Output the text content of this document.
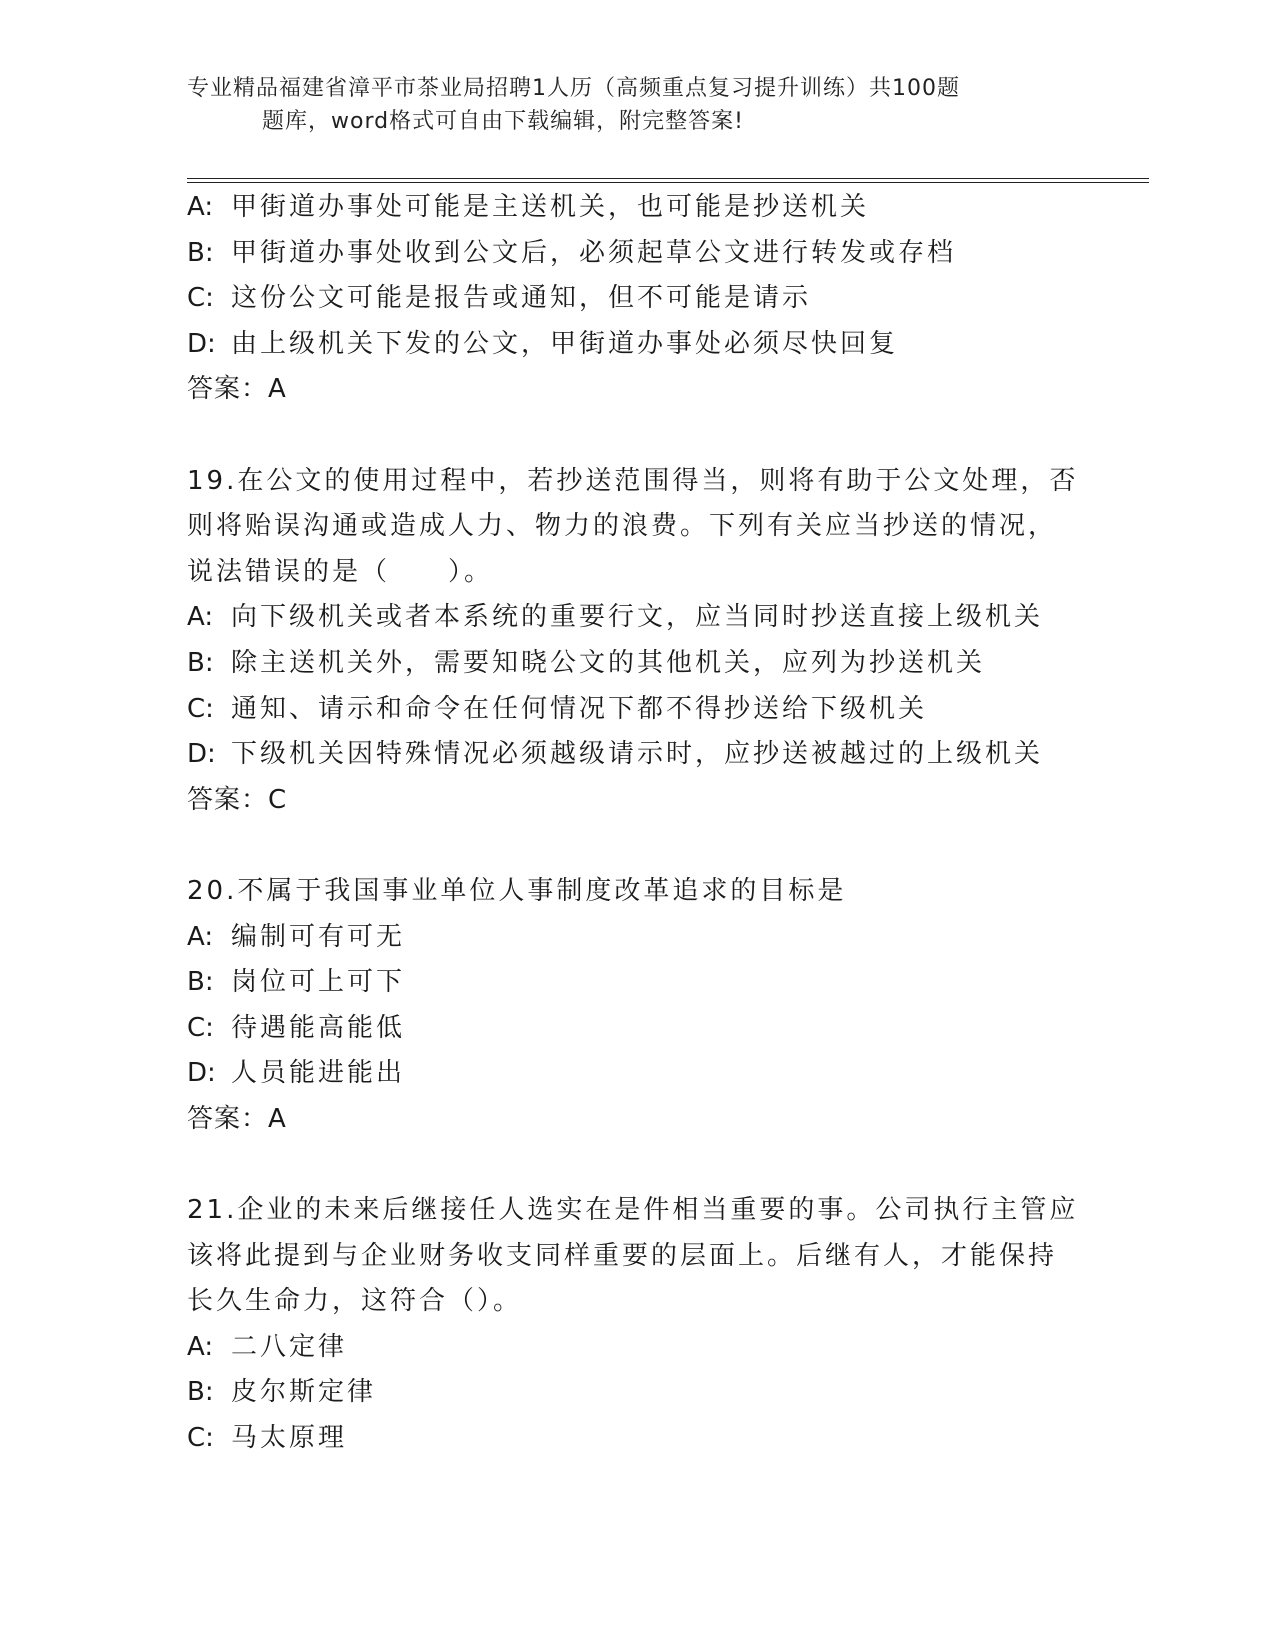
专业精品福建省漳平市茶业局招聘1人历（高频重点复习提升训练）共100题
题库，word格式可自由下载编辑，附完整答案!
A: 甲街道办事处可能是主送机关，也可能是抄送机关
B: 甲街道办事处收到公文后，必须起草公文进行转发或存档
C: 这份公文可能是报告或通知，但不可能是请示
D: 由上级机关下发的公文，甲街道办事处必须尽快回复
答案：A
19.在公文的使用过程中，若抄送范围得当，则将有助于公文处理，否
则将贻误沟通或造成人力、物力的浪费。下列有关应当抄送的情况，
说法错误的是（　　）。
A: 向下级机关或者本系统的重要行文，应当同时抄送直接上级机关
B: 除主送机关外，需要知晓公文的其他机关，应列为抄送机关
C: 通知、请示和命令在任何情况下都不得抄送给下级机关
D: 下级机关因特殊情况必须越级请示时，应抄送被越过的上级机关
答案：C
20.不属于我国事业单位人事制度改革追求的目标是
A: 编制可有可无
B: 岗位可上可下
C: 待遇能高能低
D: 人员能进能出
答案：A
21.企业的未来后继接任人选实在是件相当重要的事。公司执行主管应
该将此提到与企业财务收支同样重要的层面上。后继有人，才能保持
长久生命力，这符合（）。
A: 二八定律
B: 皮尔斯定律
C: 马太原理
